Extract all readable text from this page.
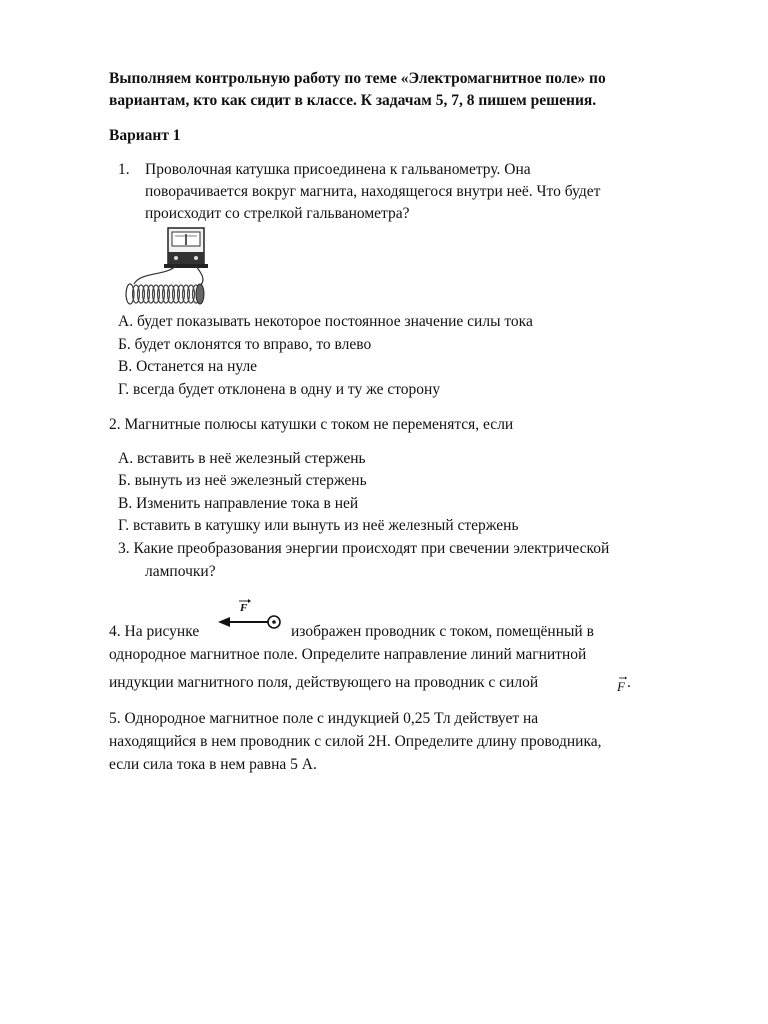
Выполняем контрольную работу по теме «Электромагнитное поле» по
вариантам, кто как сидит в классе. К задачам 5, 7, 8 пишем решения.
Вариант 1
1. Проволочная катушка присоединена к гальванометру. Она
поворачивается вокруг магнита, находящегося внутри неё. Что будет
происходит со стрелкой гальванометра?
А. будет показывать некоторое постоянное значение силы тока
Б. будет оклонятся то вправо, то влево
В. Останется на нуле
Г. всегда будет отклонена в одну и ту же сторону
2. Магнитные полюсы катушки с током не переменятся, если
А. вставить в неё железный стержень
Б. вынуть из неё эжелезный стержень
В. Изменить направление тока в ней
Г. вставить в катушку или вынуть из неё железный стержень
3. Какие преобразования энергии происходят при свечении электрической
лампочки?
4. На рисунке
F
изображен проводник с током, помещённый в
однородное магнитное поле. Определите направление линий магнитной
индукции магнитного поля, действующего на проводник с силой	F .
5. Однородное магнитное поле с индукцией 0,25 Тл действует на
находящийся в нем проводник с силой 2Н. Определите длину проводника,
если сила тока в нем равна 5 А.
